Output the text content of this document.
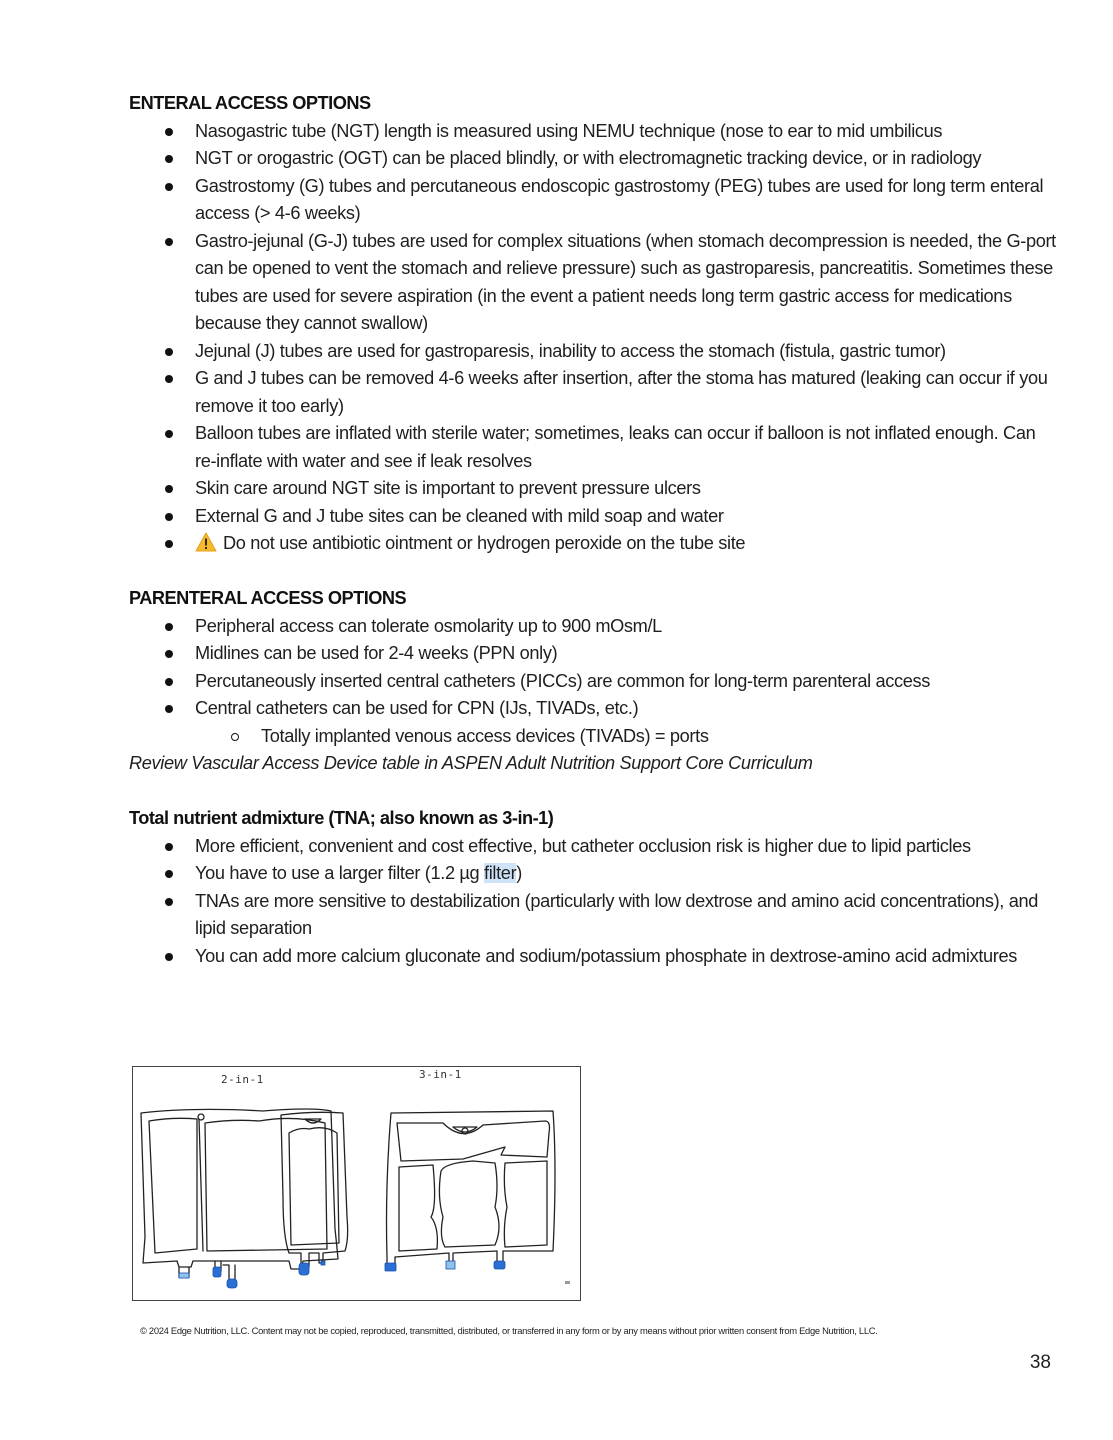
ENTERAL ACCESS OPTIONS
Nasogastric tube (NGT) length is measured using NEMU technique (nose to ear to mid umbilicus
NGT or orogastric (OGT) can be placed blindly, or with electromagnetic tracking device, or in radiology
Gastrostomy (G) tubes and percutaneous endoscopic gastrostomy (PEG) tubes are used for long term enteral access (> 4-6 weeks)
Gastro-jejunal (G-J) tubes are used for complex situations (when stomach decompression is needed, the G-port can be opened to vent the stomach and relieve pressure) such as gastroparesis, pancreatitis. Sometimes these tubes are used for severe aspiration (in the event a patient needs long term gastric access for medications because they cannot swallow)
Jejunal (J) tubes are used for gastroparesis, inability to access the stomach (fistula, gastric tumor)
G and J tubes can be removed 4-6 weeks after insertion, after the stoma has matured (leaking can occur if you remove it too early)
Balloon tubes are inflated with sterile water; sometimes, leaks can occur if balloon is not inflated enough. Can re-inflate with water and see if leak resolves
Skin care around NGT site is important to prevent pressure ulcers
External G and J tube sites can be cleaned with mild soap and water
Do not use antibiotic ointment or hydrogen peroxide on the tube site
PARENTERAL ACCESS OPTIONS
Peripheral access can tolerate osmolarity up to 900 mOsm/L
Midlines can be used for 2-4 weeks (PPN only)
Percutaneously inserted central catheters (PICCs) are common for long-term parenteral access
Central catheters can be used for CPN (IJs, TIVADs, etc.)
Totally implanted venous access devices (TIVADs) = ports
Review Vascular Access Device table in ASPEN Adult Nutrition Support Core Curriculum
Total nutrient admixture (TNA; also known as 3-in-1)
More efficient, convenient and cost effective, but catheter occlusion risk is higher due to lipid particles
You have to use a larger filter (1.2 µg filter)
TNAs are more sensitive to destabilization (particularly with low dextrose and amino acid concentrations), and lipid separation
You can add more calcium gluconate and sodium/potassium phosphate in dextrose-amino acid admixtures
2-in-1	3-in-1
© 2024 Edge Nutrition, LLC. Content may not be copied, reproduced, transmitted, distributed, or transferred in any form or by any means without prior written consent from Edge Nutrition, LLC.
38
